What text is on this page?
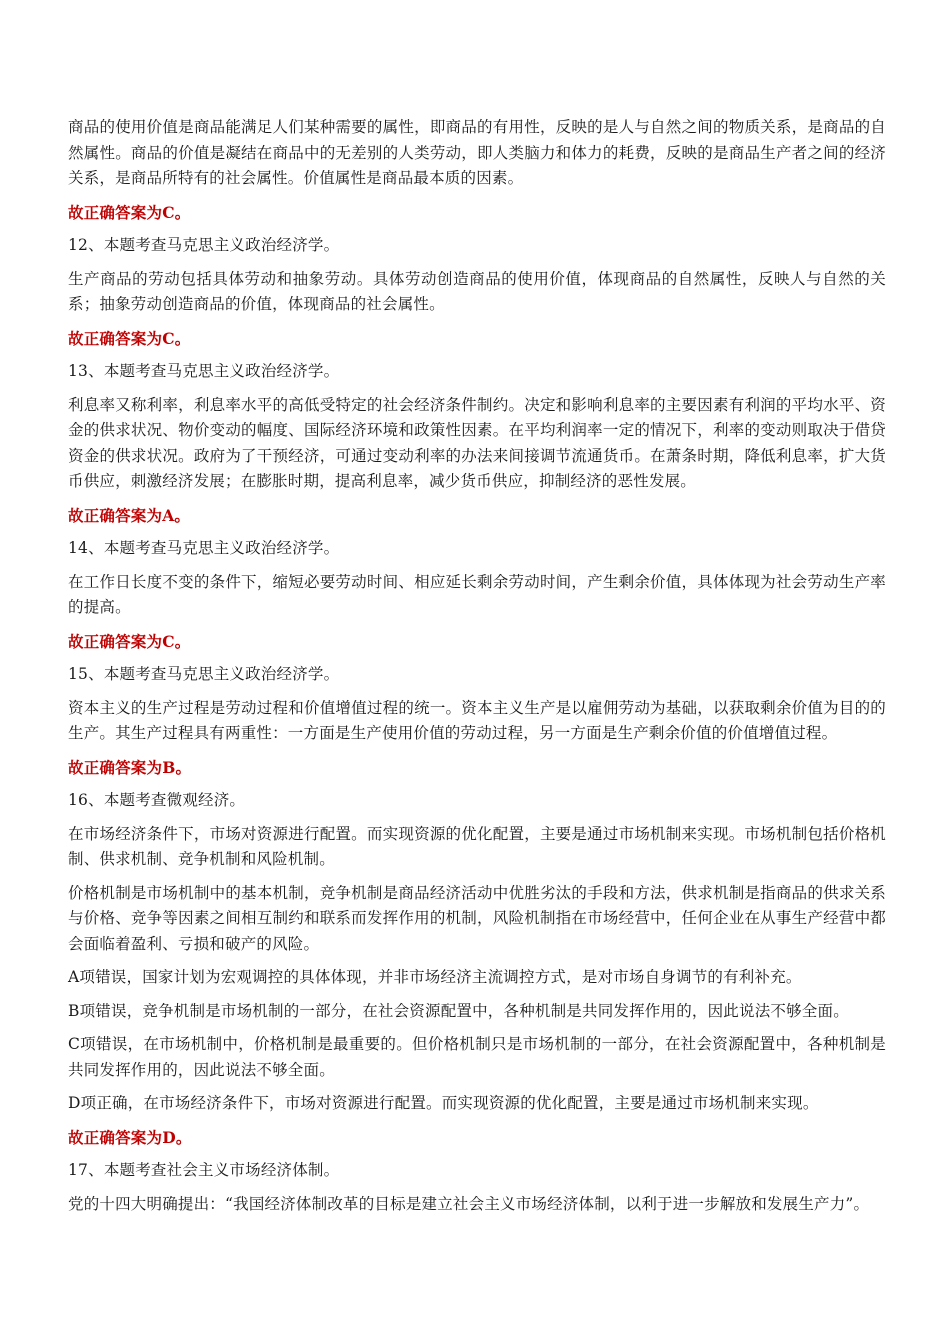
商品的使用价值是商品能满足人们某种需要的属性，即商品的有用性，反映的是人与自然之间的物质关系，是商品的自然属性。商品的价值是凝结在商品中的无差别的人类劳动，即人类脑力和体力的耗费，反映的是商品生产者之间的经济关系，是商品所特有的社会属性。价值属性是商品最本质的因素。

故正确答案为C。

12、本题考查马克思主义政治经济学。

生产商品的劳动包括具体劳动和抽象劳动。具体劳动创造商品的使用价值，体现商品的自然属性，反映人与自然的关系；抽象劳动创造商品的价值，体现商品的社会属性。

故正确答案为C。

13、本题考查马克思主义政治经济学。

利息率又称利率，利息率水平的高低受特定的社会经济条件制约。决定和影响利息率的主要因素有利润的平均水平、资金的供求状况、物价变动的幅度、国际经济环境和政策性因素。在平均利润率一定的情况下，利率的变动则取决于借贷资金的供求状况。政府为了干预经济，可通过变动利率的办法来间接调节流通货币。在萧条时期，降低利息率，扩大货币供应，刺激经济发展；在膨胀时期，提高利息率，减少货币供应，抑制经济的恶性发展。

故正确答案为A。

14、本题考查马克思主义政治经济学。

在工作日长度不变的条件下，缩短必要劳动时间、相应延长剩余劳动时间，产生剩余价值，具体体现为社会劳动生产率的提高。

故正确答案为C。

15、本题考查马克思主义政治经济学。

资本主义的生产过程是劳动过程和价值增值过程的统一。资本主义生产是以雇佣劳动为基础，以获取剩余价值为目的的生产。其生产过程具有两重性：一方面是生产使用价值的劳动过程，另一方面是生产剩余价值的价值增值过程。

故正确答案为B。

16、本题考查微观经济。

在市场经济条件下，市场对资源进行配置。而实现资源的优化配置，主要是通过市场机制来实现。市场机制包括价格机制、供求机制、竞争机制和风险机制。

价格机制是市场机制中的基本机制，竞争机制是商品经济活动中优胜劣汰的手段和方法，供求机制是指商品的供求关系与价格、竞争等因素之间相互制约和联系而发挥作用的机制，风险机制指在市场经营中，任何企业在从事生产经营中都会面临着盈利、亏损和破产的风险。

A项错误，国家计划为宏观调控的具体体现，并非市场经济主流调控方式，是对市场自身调节的有利补充。

B项错误，竞争机制是市场机制的一部分，在社会资源配置中，各种机制是共同发挥作用的，因此说法不够全面。

C项错误，在市场机制中，价格机制是最重要的。但价格机制只是市场机制的一部分，在社会资源配置中，各种机制是共同发挥作用的，因此说法不够全面。

D项正确，在市场经济条件下，市场对资源进行配置。而实现资源的优化配置，主要是通过市场机制来实现。

故正确答案为D。

17、本题考查社会主义市场经济体制。

党的十四大明确提出：“我国经济体制改革的目标是建立社会主义市场经济体制，以利于进一步解放和发展生产力”。
